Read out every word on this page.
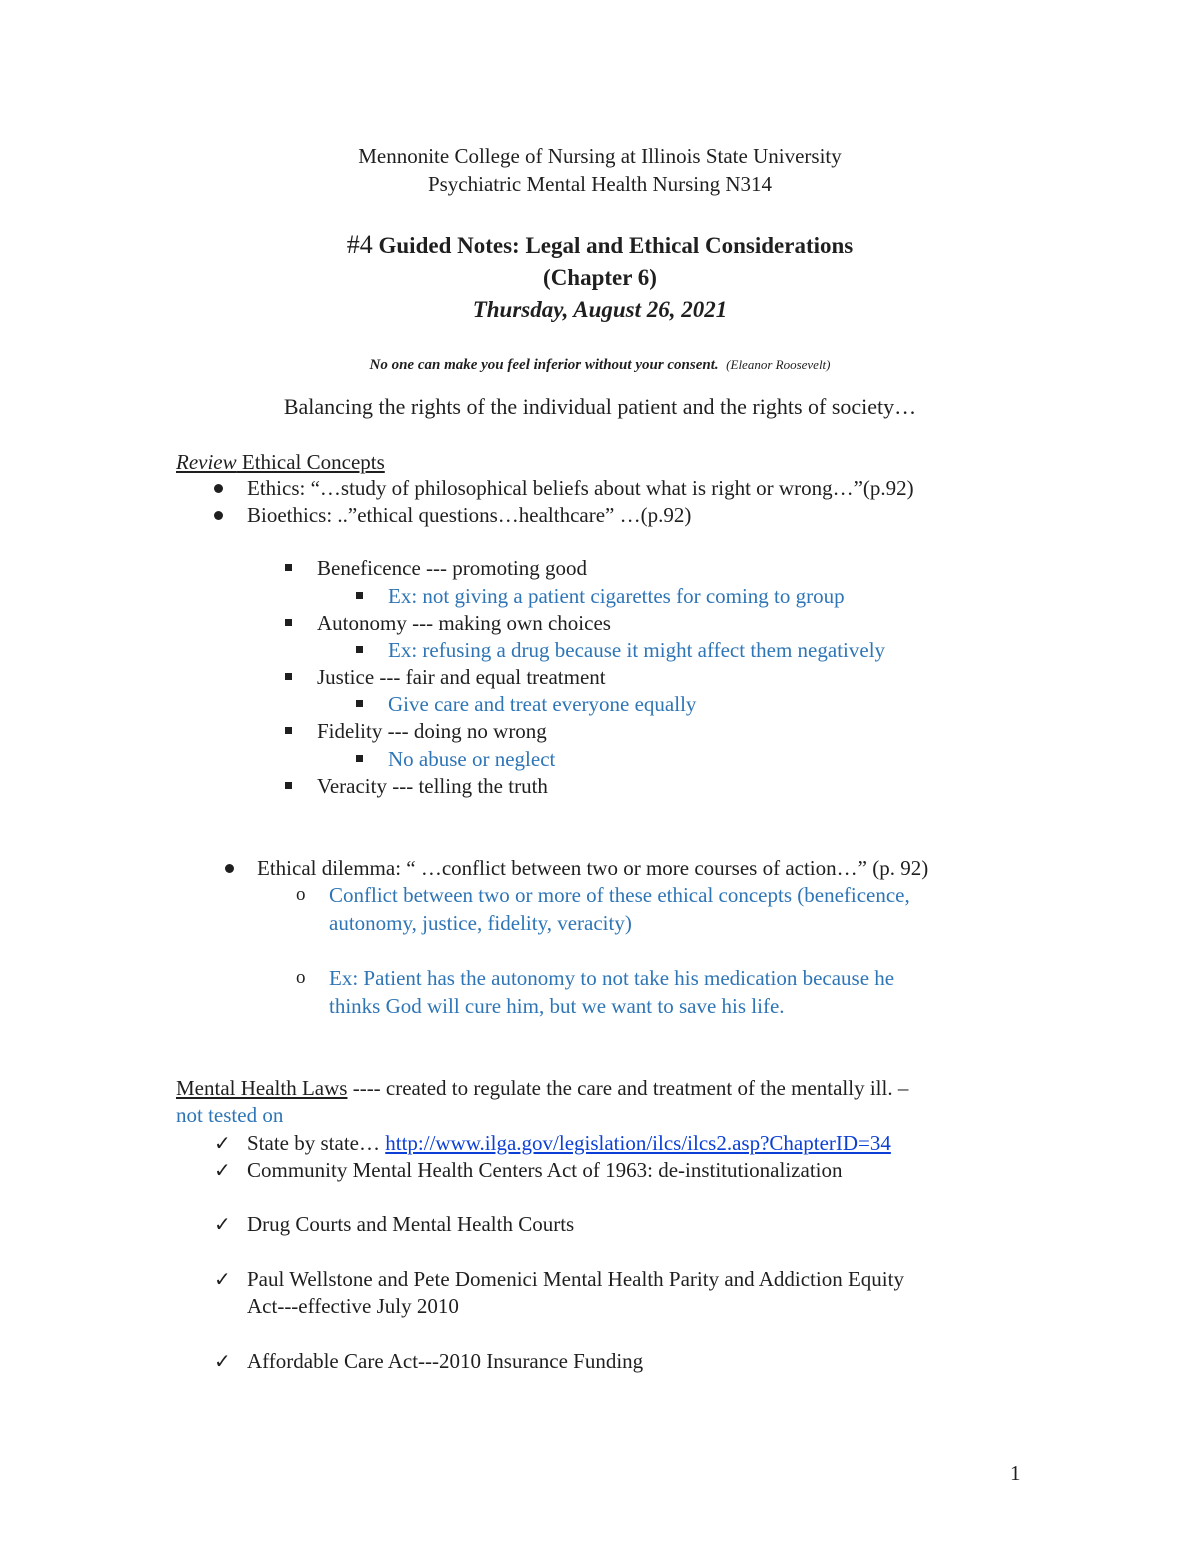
Mennonite College of Nursing at Illinois State University
Psychiatric Mental Health Nursing N314
#4 Guided Notes: Legal and Ethical Considerations
(Chapter 6)
Thursday, August 26, 2021
No one can make you feel inferior without your consent. (Eleanor Roosevelt)
Balancing the rights of the individual patient and the rights of society…
Review Ethical Concepts
Ethics: “…study of philosophical beliefs about what is right or wrong…”(p.92)
Bioethics: ..”ethical questions…healthcare” …(p.92)
Beneficence --- promoting good
Ex: not giving a patient cigarettes for coming to group
Autonomy --- making own choices
Ex: refusing a drug because it might affect them negatively
Justice --- fair and equal treatment
Give care and treat everyone equally
Fidelity --- doing no wrong
No abuse or neglect
Veracity --- telling the truth
Ethical dilemma: “ …conflict between two or more courses of action…” (p. 92)
o Conflict between two or more of these ethical concepts (beneficence,
autonomy, justice, fidelity, veracity)
o Ex: Patient has the autonomy to not take his medication because he
thinks God will cure him, but we want to save his life.
Mental Health Laws ---- created to regulate the care and treatment of the mentally ill. –
not tested on
✓ State by state… http://www.ilga.gov/legislation/ilcs/ilcs2.asp?ChapterID=34
✓ Community Mental Health Centers Act of 1963: de-institutionalization
✓ Drug Courts and Mental Health Courts
✓ Paul Wellstone and Pete Domenici Mental Health Parity and Addiction Equity
Act---effective July 2010
✓ Affordable Care Act---2010 Insurance Funding
1
